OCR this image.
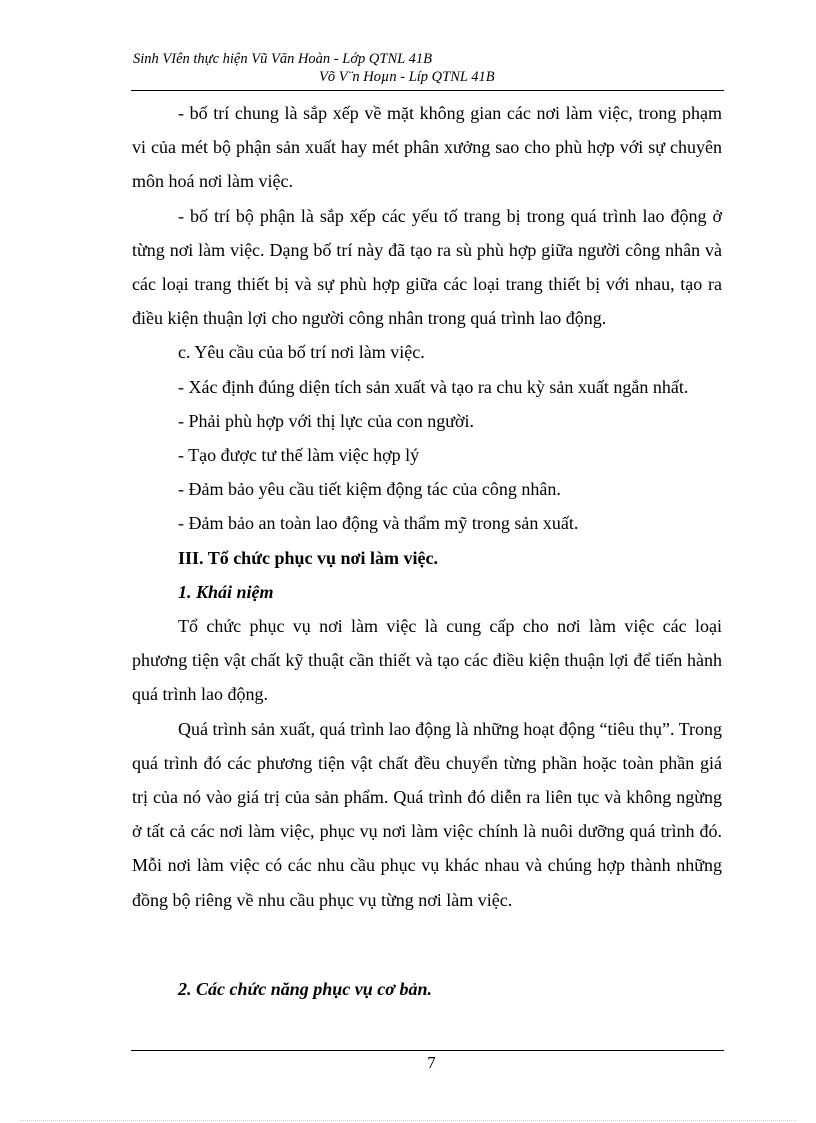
Sinh VIên thực hiện Vũ Văn Hoàn - Lớp QTNL 41B
Võ V¨n Hoµn - Líp QTNL 41B

- bố trí chung là sắp xếp về mặt không gian các nơi làm việc, trong phạm vi của mét bộ phận sản xuất hay mét phân xưởng sao cho phù hợp với sự chuyên môn hoá nơi làm việc.

- bố trí bộ phận là sắp xếp các yếu tố trang bị trong quá trình lao động ở từng nơi làm việc. Dạng bố trí này đã tạo ra sù phù hợp giữa người công nhân và các loại trang thiết bị và sự phù hợp giữa các loại trang thiết bị với nhau, tạo ra điều kiện thuận lợi cho người công nhân trong quá trình lao động.

c. Yêu cầu của bố trí nơi làm việc.

- Xác định đúng diện tích sản xuất và tạo ra chu kỳ sản xuất ngắn nhất.

- Phải phù hợp với thị lực của con người.

- Tạo được tư thế làm việc hợp lý

- Đảm bảo yêu cầu tiết kiệm động tác của công nhân.

- Đảm bảo an toàn lao động và thẩm mỹ trong sản xuất.

III. Tổ chức phục vụ nơi làm việc.

1. Khái niệm

Tổ chức phục vụ nơi làm việc là cung cấp cho nơi làm việc các loại phương tiện vật chất kỹ thuật cần thiết và tạo các điều kiện thuận lợi để tiến hành quá trình lao động.

Quá trình sản xuất, quá trình lao động là những hoạt động “tiêu thụ”. Trong quá trình đó các phương tiện vật chất đều chuyển từng phần hoặc toàn phần giá trị của nó vào giá trị của sản phẩm. Quá trình đó diễn ra liên tục và không ngừng ở tất cả các nơi làm việc, phục vụ nơi làm việc chính là nuôi dưỡng quá trình đó. Mỗi nơi làm việc có các nhu cầu phục vụ khác nhau và chúng hợp thành những đồng bộ riêng về nhu cầu phục vụ từng nơi làm việc.

2. Các chức năng phục vụ cơ bản.

7
